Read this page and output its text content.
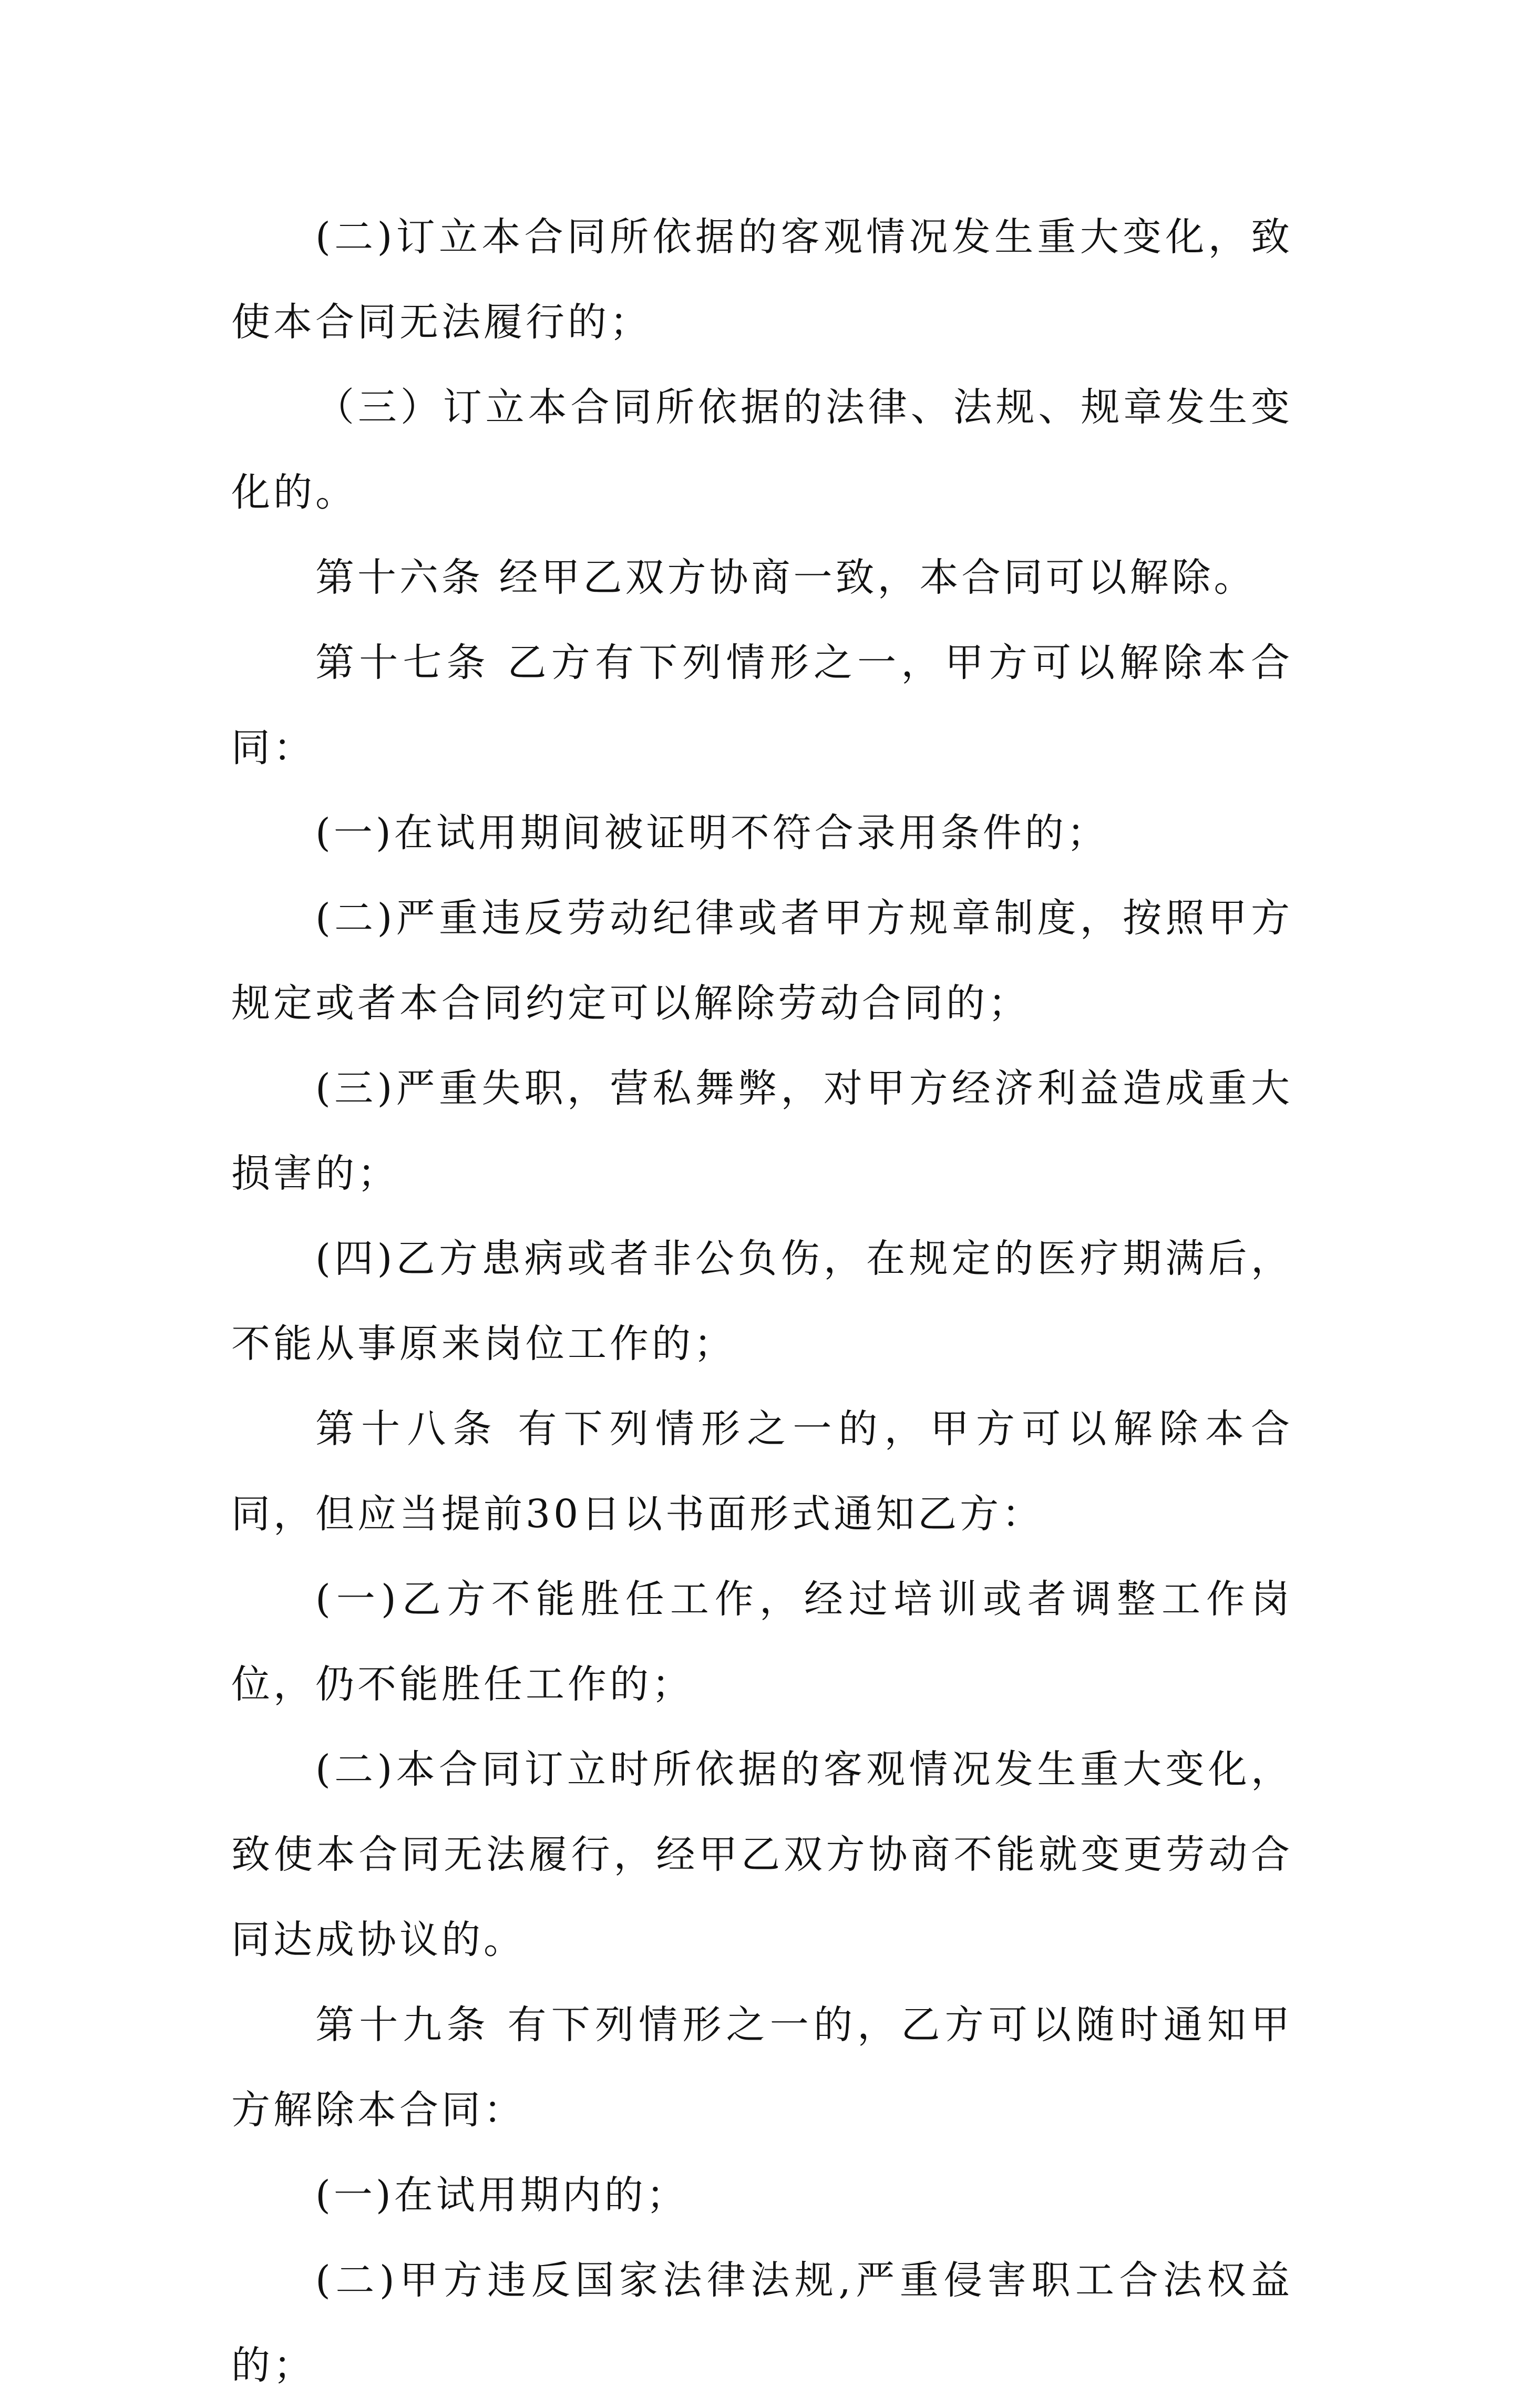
(二)订立本合同所依据的客观情况发生重大变化，致使本合同无法履行的；

（三）订立本合同所依据的法律、法规、规章发生变化的。

第十六条 经甲乙双方协商一致，本合同可以解除。

第十七条 乙方有下列情形之一，甲方可以解除本合同：

(一)在试用期间被证明不符合录用条件的；

(二)严重违反劳动纪律或者甲方规章制度，按照甲方规定或者本合同约定可以解除劳动合同的；

(三)严重失职，营私舞弊，对甲方经济利益造成重大损害的；

(四)乙方患病或者非公负伤，在规定的医疗期满后，不能从事原来岗位工作的；

第十八条 有下列情形之一的，甲方可以解除本合同，但应当提前30日以书面形式通知乙方：

(一)乙方不能胜任工作，经过培训或者调整工作岗位，仍不能胜任工作的；

(二)本合同订立时所依据的客观情况发生重大变化，致使本合同无法履行，经甲乙双方协商不能就变更劳动合同达成协议的。

第十九条 有下列情形之一的，乙方可以随时通知甲方解除本合同：

(一)在试用期内的；

(二)甲方违反国家法律法规,严重侵害职工合法权益的；
